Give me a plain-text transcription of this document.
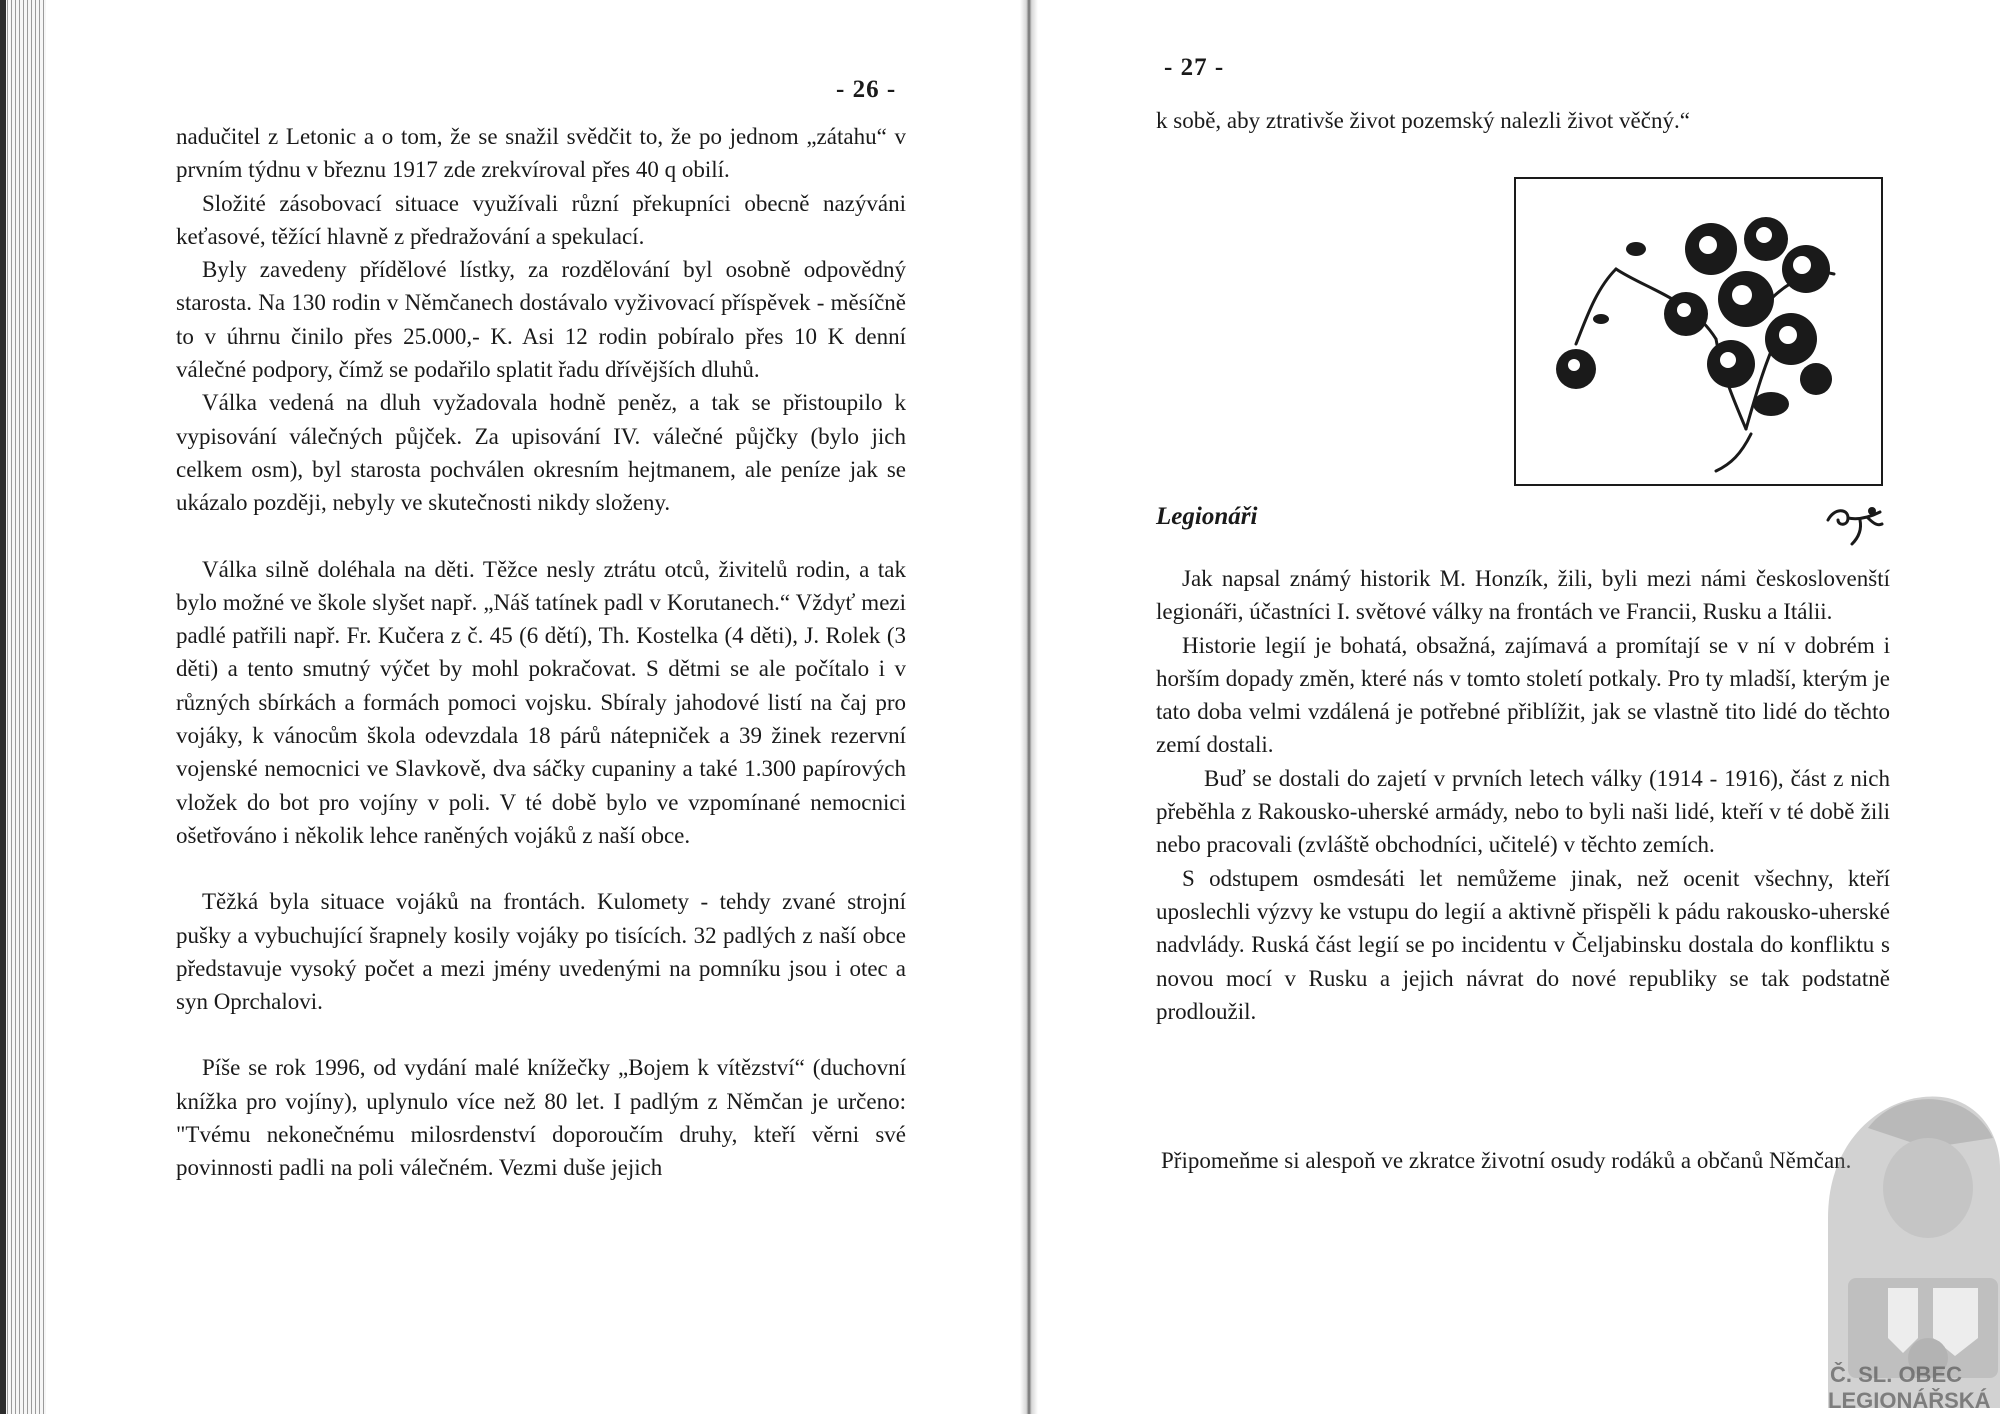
- 26 -

nadučitel z Letonic a o tom, že se snažil svědčit to, že po jednom „zátahu“ v prvním týdnu v březnu 1917 zde zrekvíroval přes 40 q obilí.

Složité zásobovací situace využívali různí překupníci obecně nazýváni keťasové, těžící hlavně z předražování a spekulací.

Byly zavedeny přídělové lístky, za rozdělování byl osobně odpovědný starosta. Na 130 rodin v Němčanech dostávalo vyživovací příspěvek - měsíčně to v úhrnu činilo přes 25.000,- K. Asi 12 rodin pobíralo přes 10 K denní válečné podpory, čímž se podařilo splatit řadu dřívějších dluhů.

Válka vedená na dluh vyžadovala hodně peněz, a tak se přistoupilo k vypisování válečných půjček. Za upisování IV. válečné půjčky (bylo jich celkem osm), byl starosta pochválen okresním hejtmanem, ale peníze jak se ukázalo později, nebyly ve skutečnosti nikdy složeny.

Válka silně doléhala na děti. Těžce nesly ztrátu otců, živitelů rodin, a tak bylo možné ve škole slyšet např. „Náš tatínek padl v Korutanech.“ Vždyť mezi padlé patřili např. Fr. Kučera z č. 45 (6 dětí), Th. Kostelka (4 děti), J. Rolek (3 děti) a tento smutný výčet by mohl pokračovat. S dětmi se ale počítalo i v různých sbírkách a formách pomoci vojsku. Sbíraly jahodové listí na čaj pro vojáky, k vánocům škola odevzdala 18 párů nátepniček a 39 žinek rezervní vojenské nemocnici ve Slavkově, dva sáčky cupaniny a také 1.300 papírových vložek do bot pro vojíny v poli. V té době bylo ve vzpomínané nemocnici ošetřováno i několik lehce raněných vojáků z naší obce.

Těžká byla situace vojáků na frontách. Kulomety - tehdy zvané strojní pušky a vybuchující šrapnely kosily vojáky po tisících. 32 padlých z naší obce představuje vysoký počet a mezi jmény uvedenými na pomníku jsou i otec a syn Oprchalovi.

Píše se rok 1996, od vydání malé knížečky „Bojem k vítězství“ (duchovní knížka pro vojíny), uplynulo více než 80 let. I padlým z Němčan je určeno: "Tvému nekonečnému milosrdenství doporoučím druhy, kteří věrni své povinnosti padli na poli válečném. Vezmi duše jejich

- 27 -

k sobě, aby ztrativše život pozemský nalezli život věčný.“

Legionáři

Jak napsal známý historik M. Honzík, žili, byli mezi námi českoslovenští legionáři, účastníci I. světové války na frontách ve Francii, Rusku a Itálii.

Historie legií je bohatá, obsažná, zajímavá a promítají se v ní v dobrém i horším dopady změn, které nás v tomto století potkaly. Pro ty mladší, kterým je tato doba velmi vzdálená je potřebné přiblížit, jak se vlastně tito lidé do těchto zemí dostali.

Buď se dostali do zajetí v prvních letech války (1914 - 1916), část z nich přeběhla z Rakousko-uherské armády, nebo to byli naši lidé, kteří v té době žili nebo pracovali (zvláště obchodníci, učitelé) v těchto zemích.

S odstupem osmdesáti let nemůžeme jinak, než ocenit všechny, kteří uposlechli výzvy ke vstupu do legií a aktivně přispěli k pádu rakousko-uherské nadvlády. Ruská část legií se po incidentu v Čeljabinsku dostala do konfliktu s novou mocí v Rusku a jejich návrat do nové republiky se tak podstatně prodloužil.

Připomeňme si alespoň ve zkratce životní osudy rodáků a občanů Němčan.
Č. SL. OBEC
LEGIONÁŘSKÁ
